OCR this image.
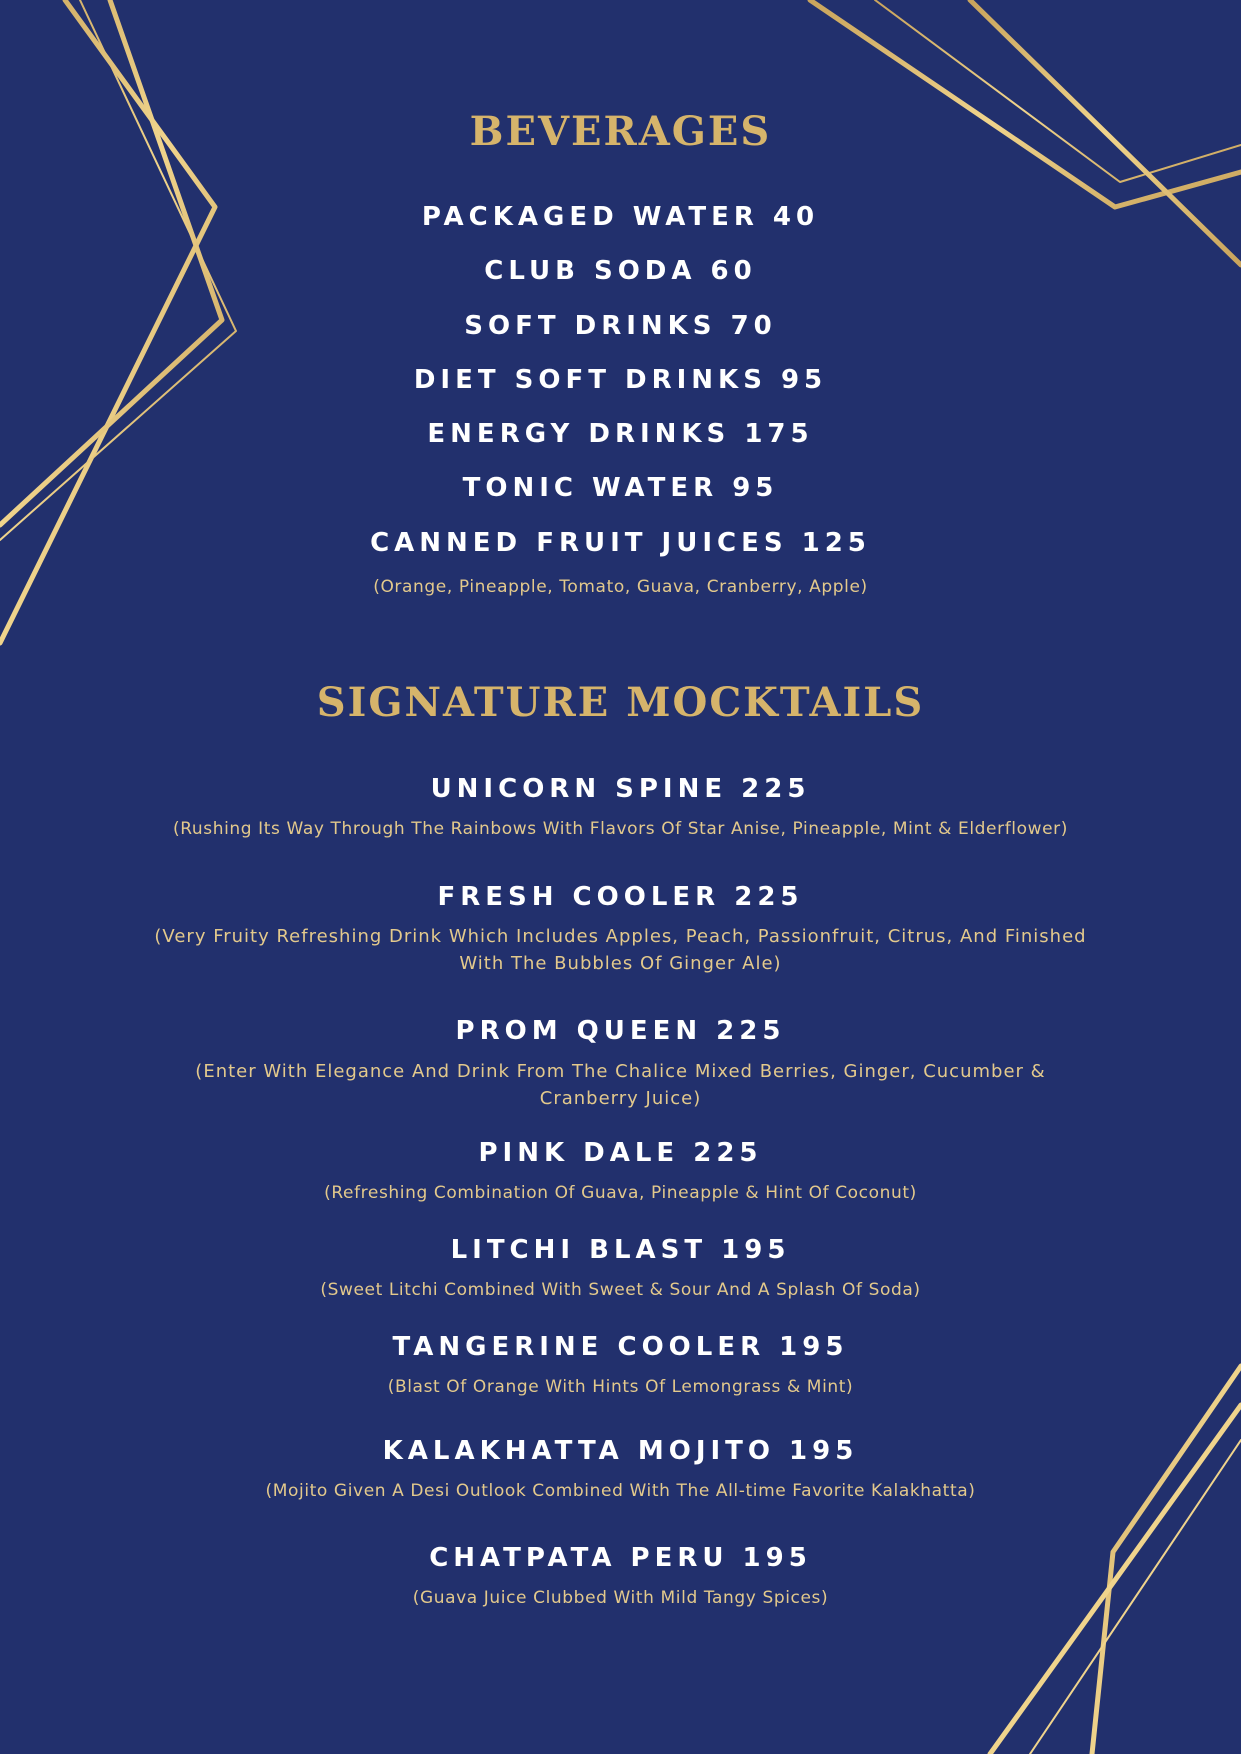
BEVERAGES
PACKAGED WATER 40
CLUB SODA 60
SOFT DRINKS 70
DIET SOFT DRINKS 95
ENERGY DRINKS 175
TONIC WATER 95
CANNED FRUIT JUICES 125
(Orange, Pineapple, Tomato, Guava, Cranberry, Apple)
SIGNATURE MOCKTAILS
UNICORN SPINE 225
(Rushing Its Way Through The Rainbows With Flavors Of Star Anise, Pineapple, Mint & Elderflower)
FRESH COOLER 225
(Very Fruity Refreshing Drink Which Includes Apples, Peach, Passionfruit, Citrus, And Finished With The Bubbles Of Ginger Ale)
PROM QUEEN 225
(Enter With Elegance And Drink From The Chalice Mixed Berries, Ginger, Cucumber & Cranberry Juice)
PINK DALE 225
(Refreshing Combination Of Guava, Pineapple & Hint Of Coconut)
LITCHI BLAST 195
(Sweet Litchi Combined With Sweet & Sour And A Splash Of Soda)
TANGERINE COOLER 195
(Blast Of Orange With Hints Of Lemongrass & Mint)
KALAKHATTA MOJITO 195
(Mojito Given A Desi Outlook Combined With The All-time Favorite Kalakhatta)
CHATPATA PERU 195
(Guava Juice Clubbed With Mild Tangy Spices)
